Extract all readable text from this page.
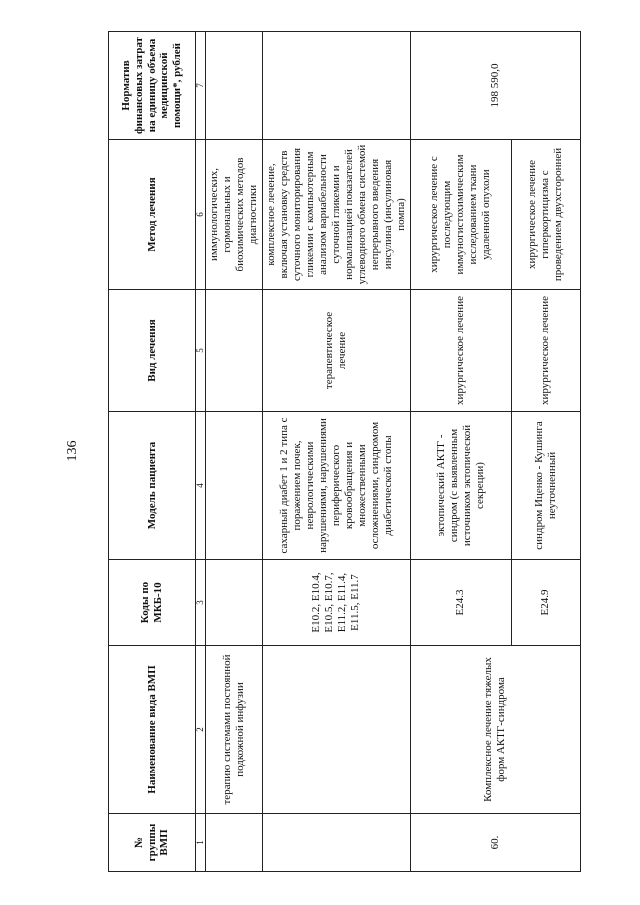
136
№ группы ВМП	Наименование вида ВМП	Коды по МКБ-10	Модель пациента	Вид лечения	Метод лечения	Норматив финансовых затрат на единицу объема медицинской помощи*, рублей
1	2	3	4	5	6	7
	терапию системами постоянной подкожной инфузии				иммунологических, гормональных и биохимических методов диагностики	
		E10.2, E10.4, E10.5, E10.7, E11.2, E11.4, E11.5, E11.7	сахарный диабет 1 и 2 типа с поражением почек, неврологическими нарушениями, нарушениями периферического кровообращения и множественными осложнениями, синдромом диабетической стопы	терапевтическое лечение	комплексное лечение, включая установку средств суточного мониторирования гликемии с компьютерным анализом вариабельности суточной гликемии и нормализацией показателей углеводного обмена системой непрерывного введения инсулина (инсулиновая помпа)	
60.	Комплексное лечение тяжелых форм АКТГ-синдрома	E24.3	эктопический АКТГ - синдром (с выявленным источником эктопической секреции)	хирургическое лечение	хирургическое лечение с последующим иммуногистохимическим исследованием ткани удаленной опухоли	198 590,0
		E24.9	синдром Иценко - Кушинга неуточненный	хирургическое лечение	хирургическое лечение гиперкортицизма с проведением двухсторонней	
